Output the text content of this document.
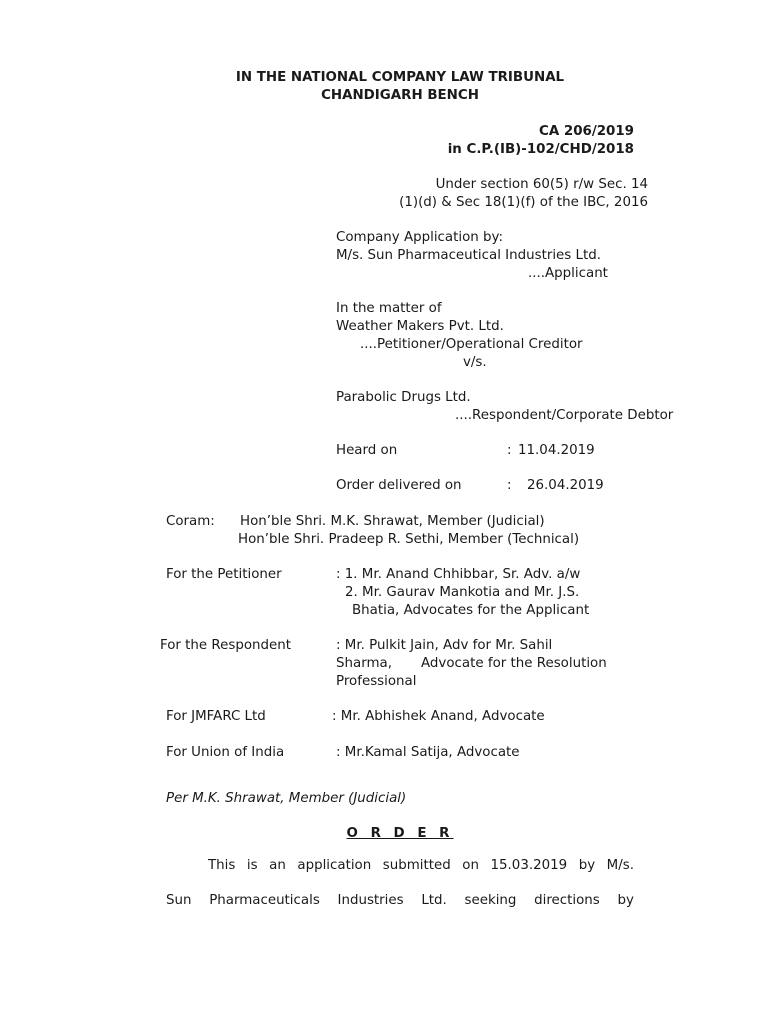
IN THE NATIONAL COMPANY LAW TRIBUNAL
CHANDIGARH BENCH
CA 206/2019
in C.P.(IB)-102/CHD/2018
Under section 60(5) r/w Sec. 14
(1)(d) & Sec 18(1)(f) of the IBC, 2016
Company Application by:
M/s. Sun Pharmaceutical Industries Ltd.
....Applicant
In the matter of
Weather Makers Pvt. Ltd.
....Petitioner/Operational Creditor
v/s.
Parabolic Drugs Ltd.
....Respondent/Corporate Debtor
Heard on	: 11.04.2019
Order delivered on	: 26.04.2019
Coram: Hon’ble Shri. M.K. Shrawat, Member (Judicial)
Hon’ble Shri. Pradeep R. Sethi, Member (Technical)
For the Petitioner	: 1. Mr. Anand Chhibbar, Sr. Adv. a/w
2. Mr. Gaurav Mankotia and Mr. J.S.
Bhatia, Advocates for the Applicant
For the Respondent	: Mr. Pulkit Jain, Adv for Mr. Sahil
Sharma, Advocate for the Resolution
Professional
For JMFARC Ltd	: Mr. Abhishek Anand, Advocate
For Union of India	: Mr.Kamal Satija, Advocate
Per M.K. Shrawat, Member (Judicial)
O R D E R
This is an application submitted on 15.03.2019 by M/s.
Sun Pharmaceuticals Industries Ltd. seeking directions by
